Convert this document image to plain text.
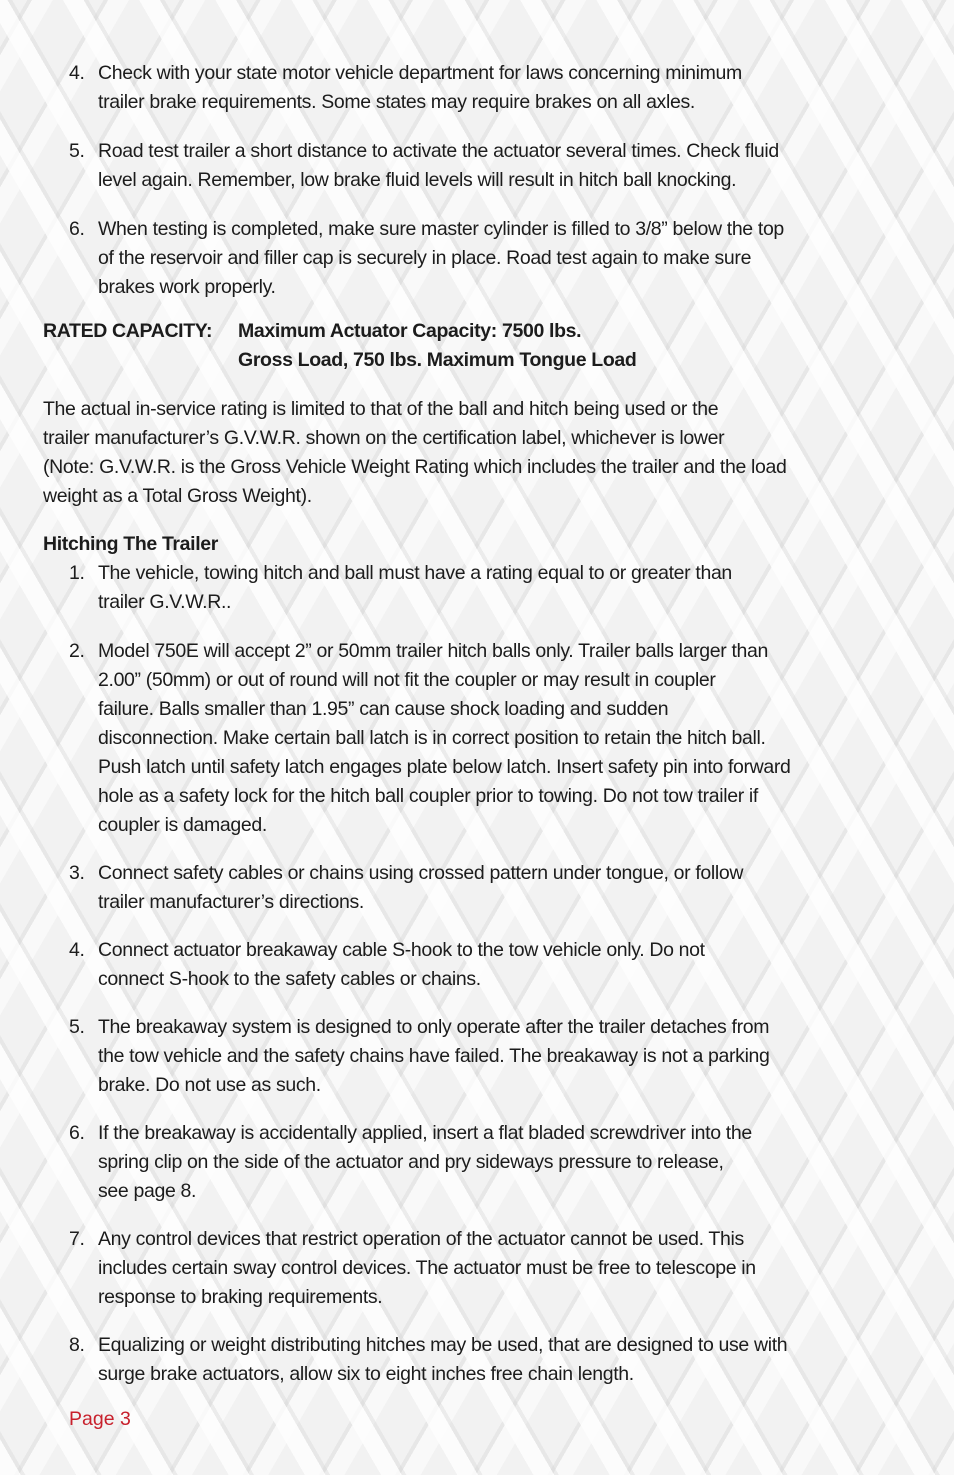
4. Check with your state motor vehicle department for laws concerning minimum
trailer brake requirements. Some states may require brakes on all axles.

5. Road test trailer a short distance to activate the actuator several times. Check fluid
level again. Remember, low brake fluid levels will result in hitch ball knocking.

6. When testing is completed, make sure master cylinder is filled to 3/8” below the top
of the reservoir and filler cap is securely in place. Road test again to make sure
brakes work properly.
RATED CAPACITY: Maximum Actuator Capacity: 7500 lbs.
Gross Load, 750 lbs. Maximum Tongue Load
The actual in-service rating is limited to that of the ball and hitch being used or the
trailer manufacturer’s G.V.W.R. shown on the certification label, whichever is lower
(Note: G.V.W.R. is the Gross Vehicle Weight Rating which includes the trailer and the load
weight as a Total Gross Weight).
Hitching The Trailer
1. The vehicle, towing hitch and ball must have a rating equal to or greater than
trailer G.V.W.R..

2. Model 750E will accept 2” or 50mm trailer hitch balls only. Trailer balls larger than
2.00” (50mm) or out of round will not fit the coupler or may result in coupler
failure. Balls smaller than 1.95” can cause shock loading and sudden
disconnection. Make certain ball latch is in correct position to retain the hitch ball.
Push latch until safety latch engages plate below latch. Insert safety pin into forward
hole as a safety lock for the hitch ball coupler prior to towing. Do not tow trailer if
coupler is damaged.

3. Connect safety cables or chains using crossed pattern under tongue, or follow
trailer manufacturer’s directions.

4. Connect actuator breakaway cable S-hook to the tow vehicle only. Do not
connect S-hook to the safety cables or chains.

5. The breakaway system is designed to only operate after the trailer detaches from
the tow vehicle and the safety chains have failed. The breakaway is not a parking
brake. Do not use as such.

6. If the breakaway is accidentally applied, insert a flat bladed screwdriver into the
spring clip on the side of the actuator and pry sideways pressure to release,
see page 8.

7. Any control devices that restrict operation of the actuator cannot be used. This
includes certain sway control devices. The actuator must be free to telescope in
response to braking requirements.

8. Equalizing or weight distributing hitches may be used, that are designed to use with
surge brake actuators, allow six to eight inches free chain length.
Page 3
